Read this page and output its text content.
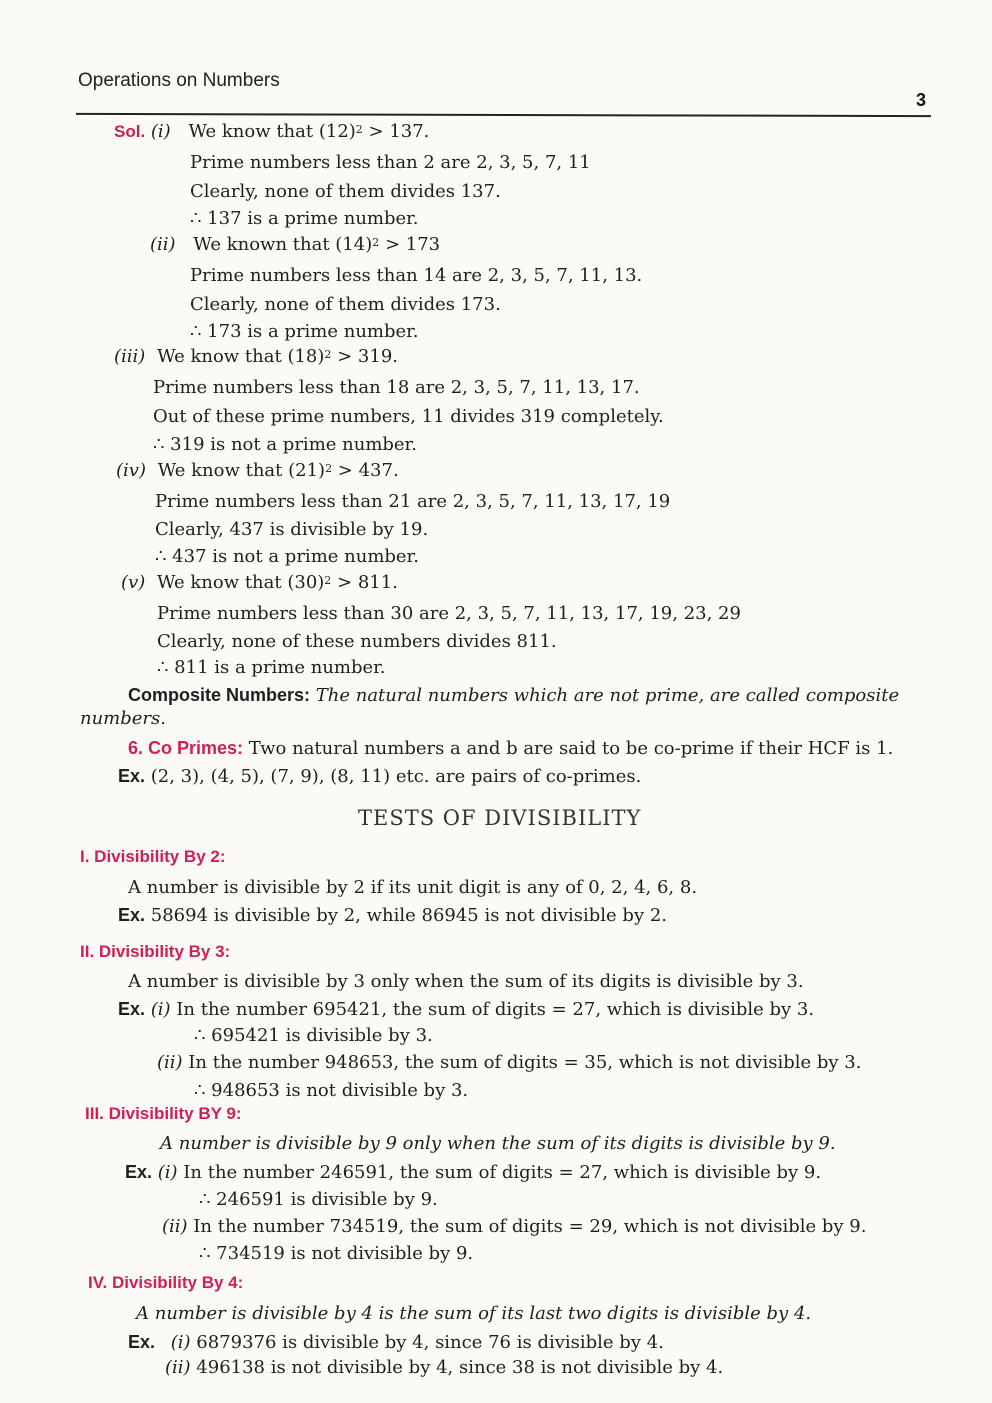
Operations on Numbers
3
Sol. (i) We know that $(12)^2 > 137$.
Prime numbers less than 2 are 2, 3, 5, 7, 11
Clearly, none of them divides 137.
∴ 137 is a prime number.
(ii) We known that $(14)^2 > 173$
Prime numbers less than 14 are 2, 3, 5, 7, 11, 13.
Clearly, none of them divides 173.
∴ 173 is a prime number.
(iii) We know that $(18)^2 > 319$.
Prime numbers less than 18 are 2, 3, 5, 7, 11, 13, 17.
Out of these prime numbers, 11 divides 319 completely.
∴ 319 is not a prime number.
(iv) We know that $(21)^2 > 437$.
Prime numbers less than 21 are 2, 3, 5, 7, 11, 13, 17, 19
Clearly, 437 is divisible by 19.
∴ 437 is not a prime number.
(v) We know that $(30)^2 > 811$.
Prime numbers less than 30 are 2, 3, 5, 7, 11, 13, 17, 19, 23, 29
Clearly, none of these numbers divides 811.
∴ 811 is a prime number.
Composite Numbers: The natural numbers which are not prime, are called composite
numbers.
6. Co Primes: Two natural numbers a and b are said to be co-prime if their HCF is 1.
Ex. (2, 3), (4, 5), (7, 9), (8, 11) etc. are pairs of co-primes.
TESTS OF DIVISIBILITY
I. Divisibility By 2:
A number is divisible by 2 if its unit digit is any of 0, 2, 4, 6, 8.
Ex. 58694 is divisible by 2, while 86945 is not divisible by 2.
II. Divisibility By 3:
A number is divisible by 3 only when the sum of its digits is divisible by 3.
Ex. (i) In the number 695421, the sum of digits = 27, which is divisible by 3.
∴ 695421 is divisible by 3.
(ii) In the number 948653, the sum of digits = 35, which is not divisible by 3.
∴ 948653 is not divisible by 3.
III. Divisibility BY 9:
A number is divisible by 9 only when the sum of its digits is divisible by 9.
Ex. (i) In the number 246591, the sum of digits = 27, which is divisible by 9.
∴ 246591 is divisible by 9.
(ii) In the number 734519, the sum of digits = 29, which is not divisible by 9.
∴ 734519 is not divisible by 9.
IV. Divisibility By 4:
A number is divisible by 4 is the sum of its last two digits is divisible by 4.
Ex. (i) 6879376 is divisible by 4, since 76 is divisible by 4.
(ii) 496138 is not divisible by 4, since 38 is not divisible by 4.
